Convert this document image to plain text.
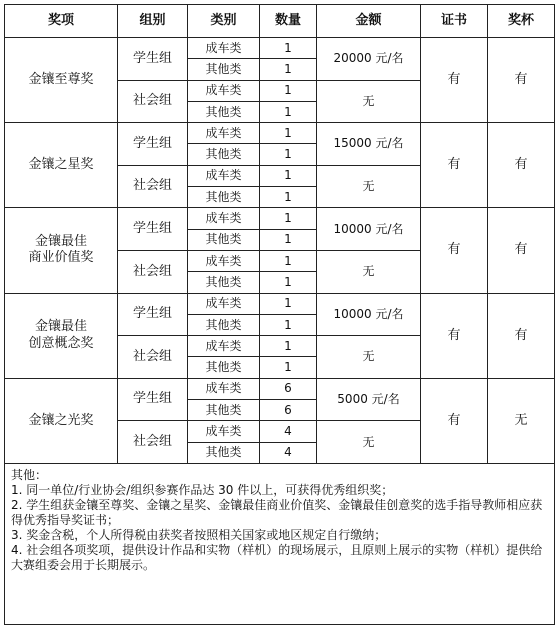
奖项	组别	类别	数量	金额	证书	奖杯

金镶至尊奖	学生组	成车类	1	20000 元/名	有	有
		其他类	1			
	社会组	成车类	1	无		
		其他类	1			

金镶之星奖	学生组	成车类	1	15000 元/名	有	有
		其他类	1			
	社会组	成车类	1	无		
		其他类	1			

金镶最佳
商业价值奖	学生组	成车类	1	10000 元/名	有	有
		其他类	1			
	社会组	成车类	1	无		
		其他类	1			

金镶最佳
创意概念奖	学生组	成车类	1	10000 元/名	有	有
		其他类	1			
	社会组	成车类	1	无		
		其他类	1			

金镶之光奖	学生组	成车类	6	5000 元/名	有	无
		其他类	6			
	社会组	成车类	4	无		
		其他类	4			

其他：
1. 同一单位/行业协会/组织参赛作品达 30 件以上，可获得优秀组织奖；
2. 学生组获金镶至尊奖、金镶之星奖、金镶最佳商业价值奖、金镶最佳创意奖的选手指导教师相应获得优秀指导奖证书；
3. 奖金含税，个人所得税由获奖者按照相关国家或地区规定自行缴纳；
4. 社会组各项奖项，提供设计作品和实物（样机）的现场展示，且原则上展示的实物（样机）提供给大赛组委会用于长期展示。						
